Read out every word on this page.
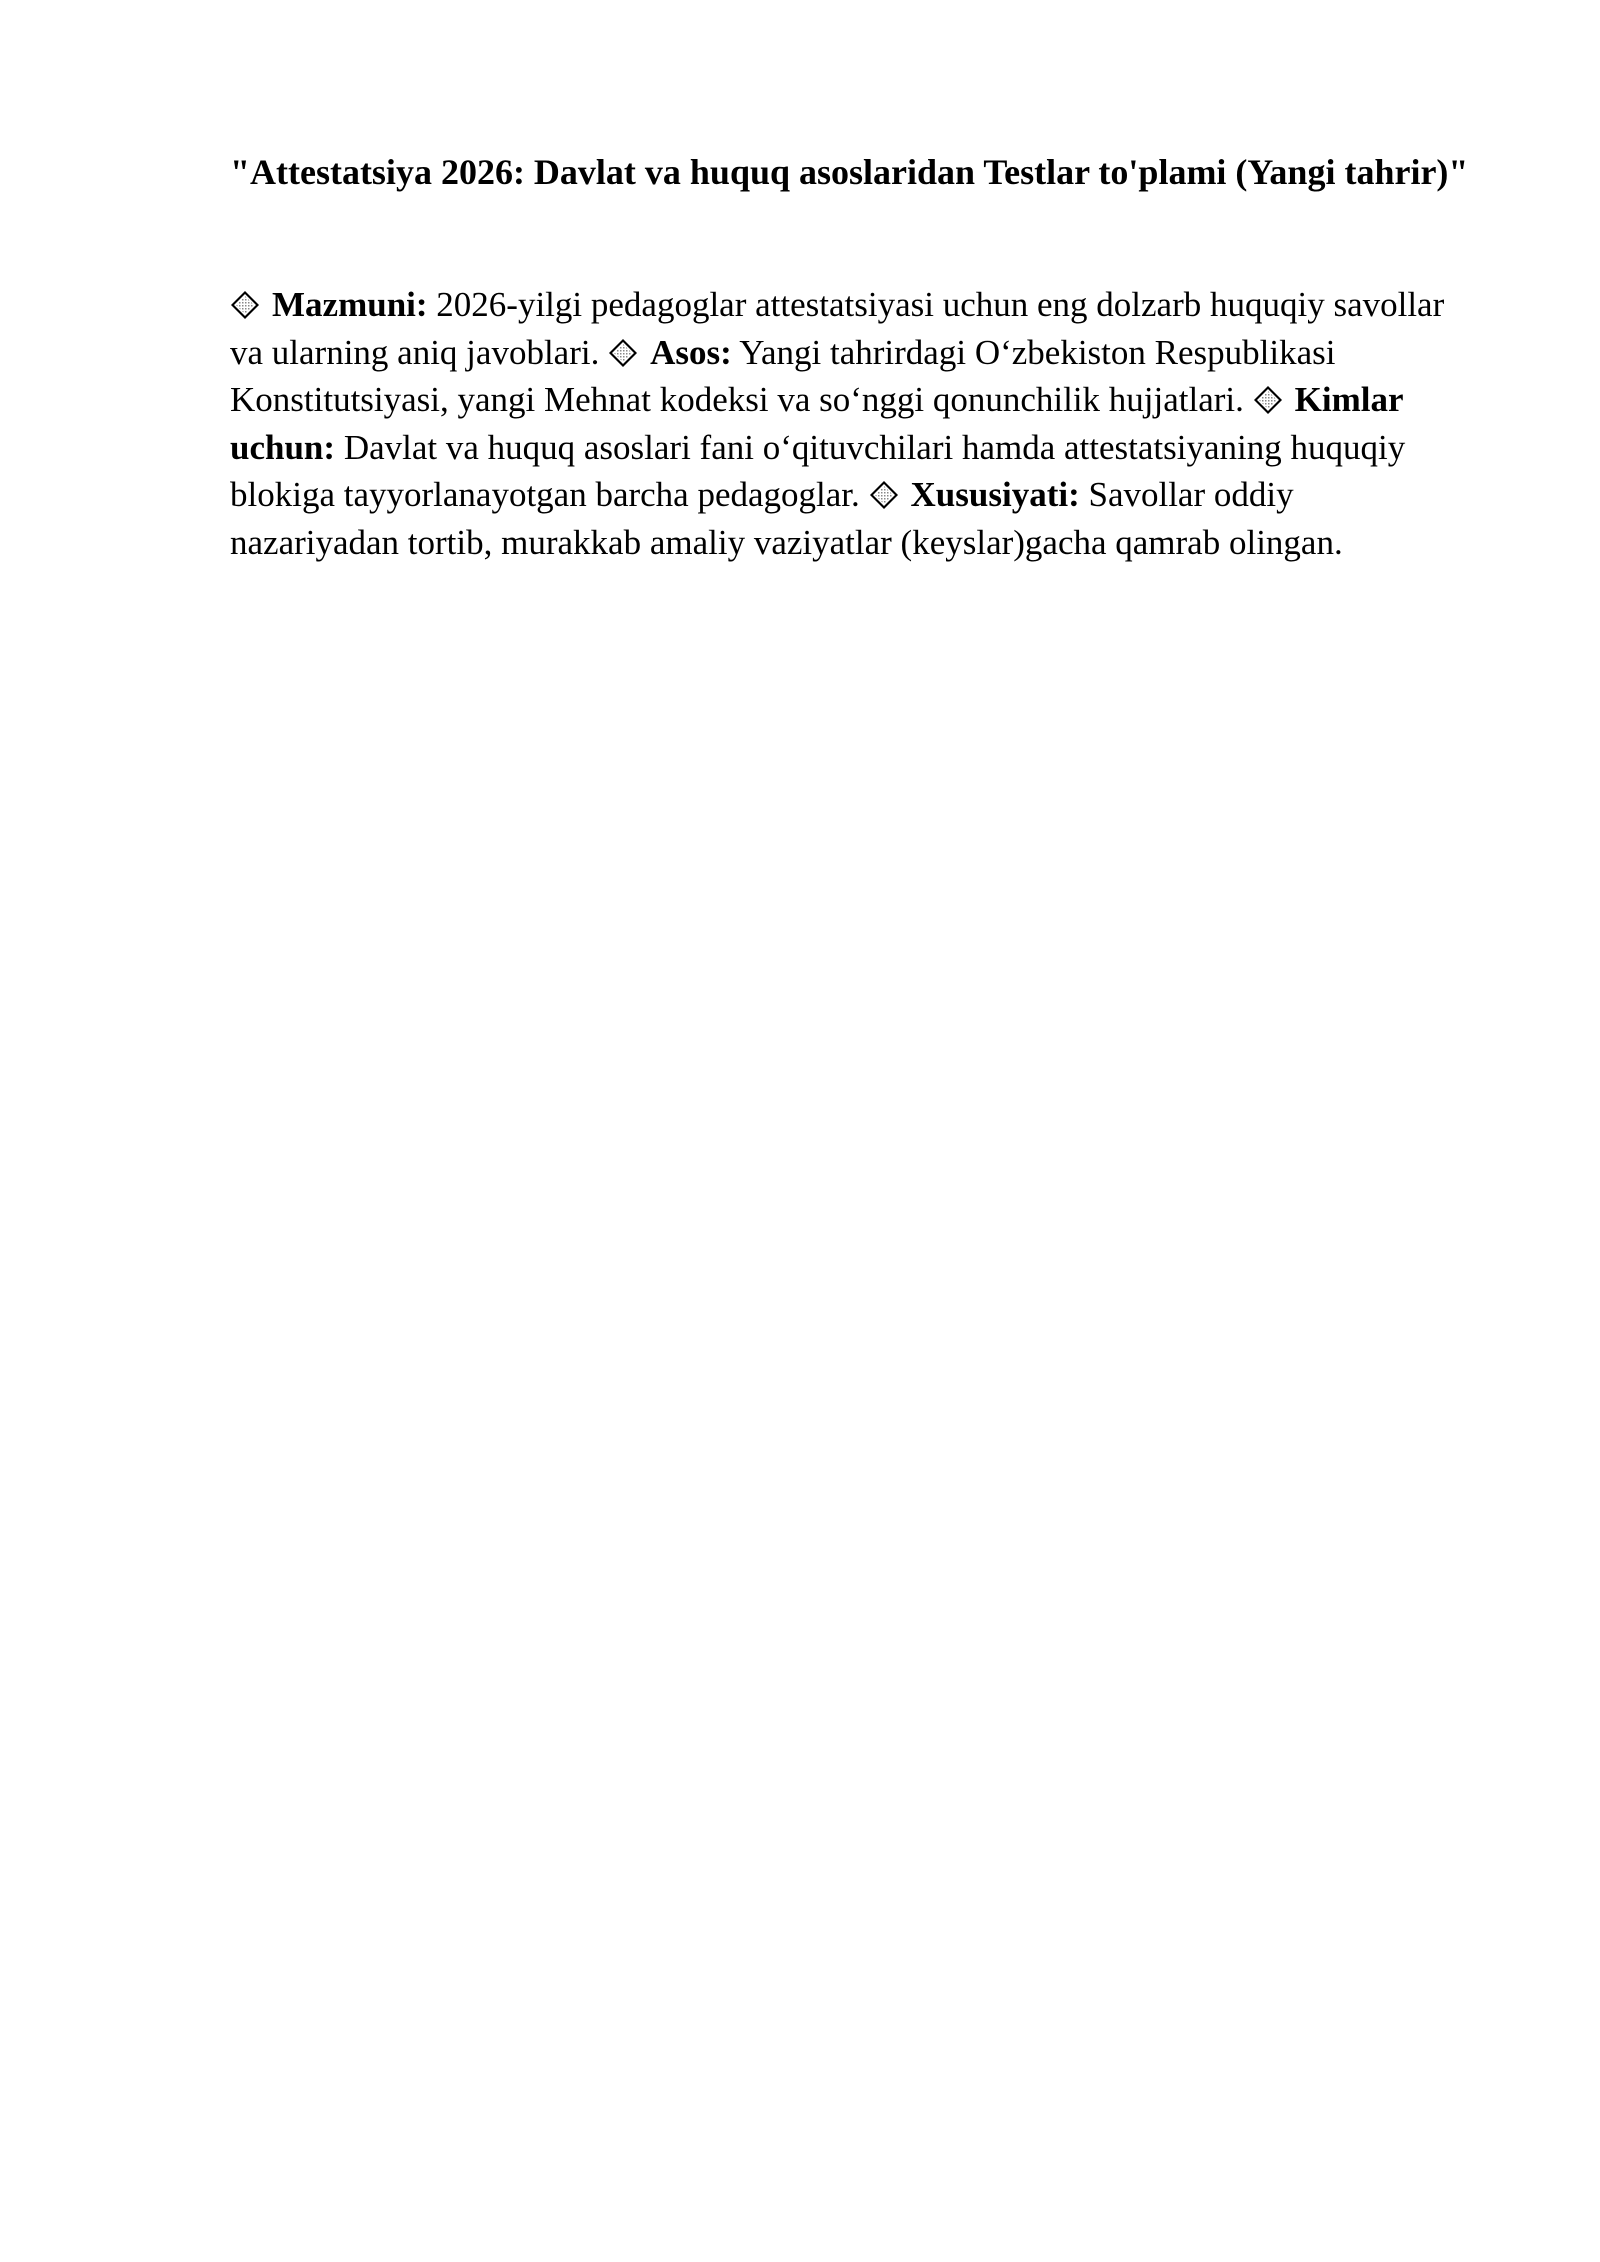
"Attestatsiya 2026: Davlat va huquq asoslaridan Testlar to'plami (Yangi tahrir)"

Mazmuni: 2026-yilgi pedagoglar attestatsiyasi uchun eng dolzarb huquqiy savollar va ularning aniq javoblari.
Asos: Yangi tahrirdagi O‘zbekiston Respublikasi Konstitutsiyasi, yangi Mehnat kodeksi va so‘nggi qonunchilik hujjatlari.
Kimlar uchun: Davlat va huquq asoslari fani o‘qituvchilari hamda attestatsiyaning huquqiy blokiga tayyorlanayotgan barcha pedagoglar.
Xususiyati: Savollar oddiy nazariyadan tortib, murakkab amaliy vaziyatlar (keyslar)gacha qamrab olingan.
